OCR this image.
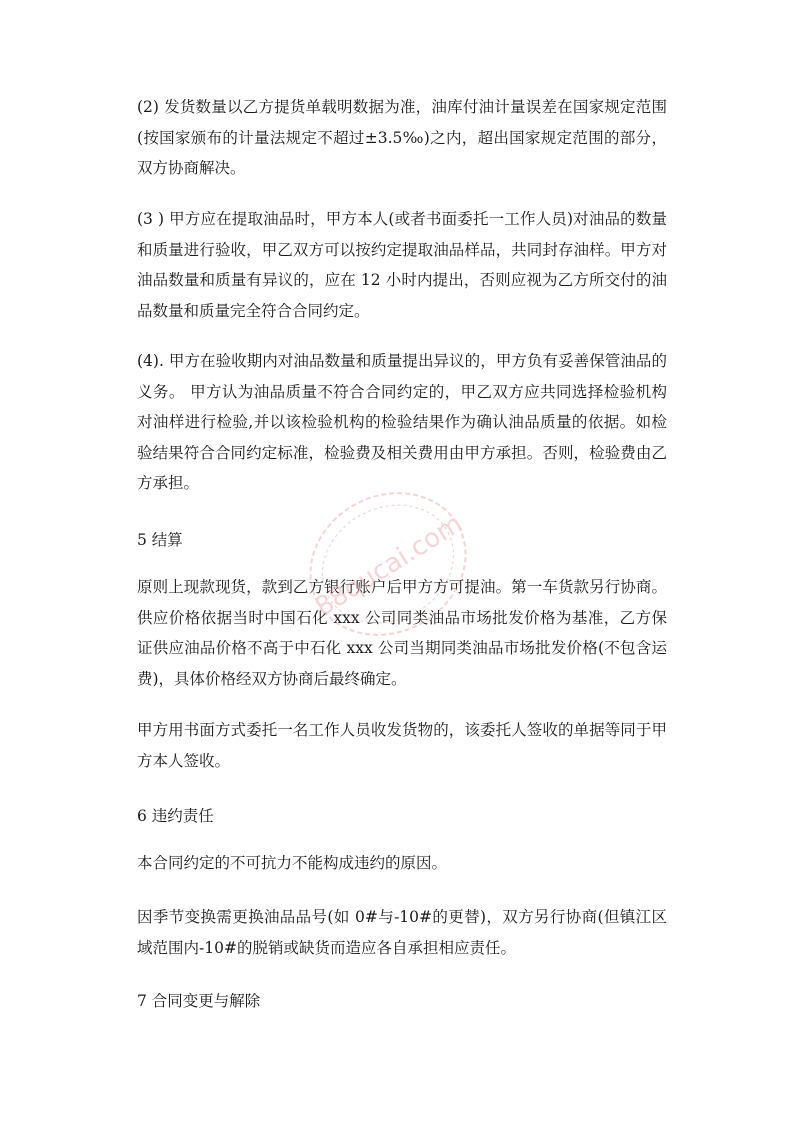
(2) 发货数量以乙方提货单载明数据为准，油库付油计量误差在国家规定范围(按国家颁布的计量法规定不超过±3.5‰)之内，超出国家规定范围的部分，双方协商解决。
(3 ) 甲方应在提取油品时，甲方本人(或者书面委托一工作人员)对油品的数量和质量进行验收，甲乙双方可以按约定提取油品样品，共同封存油样。甲方对油品数量和质量有异议的，应在 12 小时内提出，否则应视为乙方所交付的油品数量和质量完全符合合同约定。
(4). 甲方在验收期内对油品数量和质量提出异议的，甲方负有妥善保管油品的义务。 甲方认为油品质量不符合合同约定的，甲乙双方应共同选择检验机构对油样进行检验,并以该检验机构的检验结果作为确认油品质量的依据。如检验结果符合合同约定标准，检验费及相关费用由甲方承担。否则，检验费由乙方承担。
5 结算
原则上现款现货，款到乙方银行账户后甲方方可提油。第一车货款另行协商。 供应价格依据当时中国石化 xxx 公司同类油品市场批发价格为基准，乙方保证供应油品价格不高于中石化 xxx 公司当期同类油品市场批发价格(不包含运费)，具体价格经双方协商后最终确定。
甲方用书面方式委托一名工作人员收发货物的，该委托人签收的单据等同于甲方本人签收。
6 违约责任
本合同约定的不可抗力不能构成违约的原因。
因季节变换需更换油品品号(如 0#与-10#的更替)，双方另行协商(但镇江区域范围内-10#的脱销或缺货而造应各自承担相应责任。
7 合同变更与解除
88qucai.com
